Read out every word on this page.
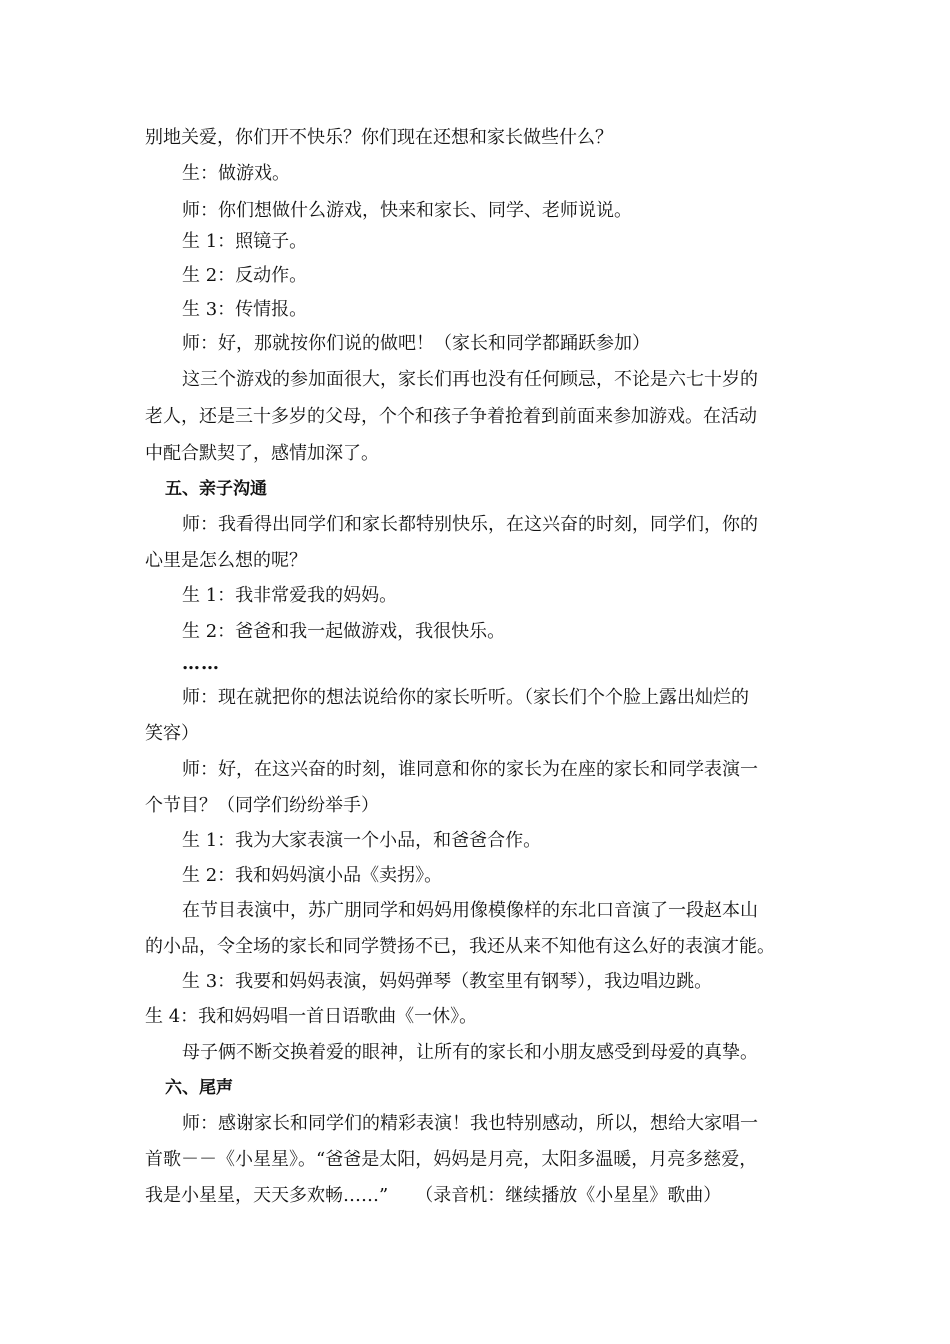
别地关爱，你们开不快乐？你们现在还想和家长做些什么？
生：做游戏。
师：你们想做什么游戏，快来和家长、同学、老师说说。
生 1：照镜子。
生 2：反动作。
生 3：传情报。
师：好，那就按你们说的做吧！（家长和同学都踊跃参加）
这三个游戏的参加面很大，家长们再也没有任何顾忌，不论是六七十岁的
老人，还是三十多岁的父母，个个和孩子争着抢着到前面来参加游戏。在活动
中配合默契了，感情加深了。
五、亲子沟通
师：我看得出同学们和家长都特别快乐，在这兴奋的时刻，同学们，你的
心里是怎么想的呢？
生 1：我非常爱我的妈妈。
生 2：爸爸和我一起做游戏，我很快乐。
……
师：现在就把你的想法说给你的家长听听。（家长们个个脸上露出灿烂的
笑容）
师：好，在这兴奋的时刻，谁同意和你的家长为在座的家长和同学表演一
个节目？（同学们纷纷举手）
生 1：我为大家表演一个小品，和爸爸合作。
生 2：我和妈妈演小品《卖拐》。
在节目表演中，苏广朋同学和妈妈用像模像样的东北口音演了一段赵本山
的小品，令全场的家长和同学赞扬不已，我还从来不知他有这么好的表演才能。
生 3：我要和妈妈表演，妈妈弹琴（教室里有钢琴），我边唱边跳。
生 4：我和妈妈唱一首日语歌曲《一休》。
母子俩不断交换着爱的眼神，让所有的家长和小朋友感受到母爱的真挚。
六、尾声
师：感谢家长和同学们的精彩表演！我也特别感动，所以，想给大家唱一
首歌－－《小星星》。“爸爸是太阳，妈妈是月亮，太阳多温暖，月亮多慈爱，
我是小星星，天天多欢畅……”　　（录音机：继续播放《小星星》歌曲）
